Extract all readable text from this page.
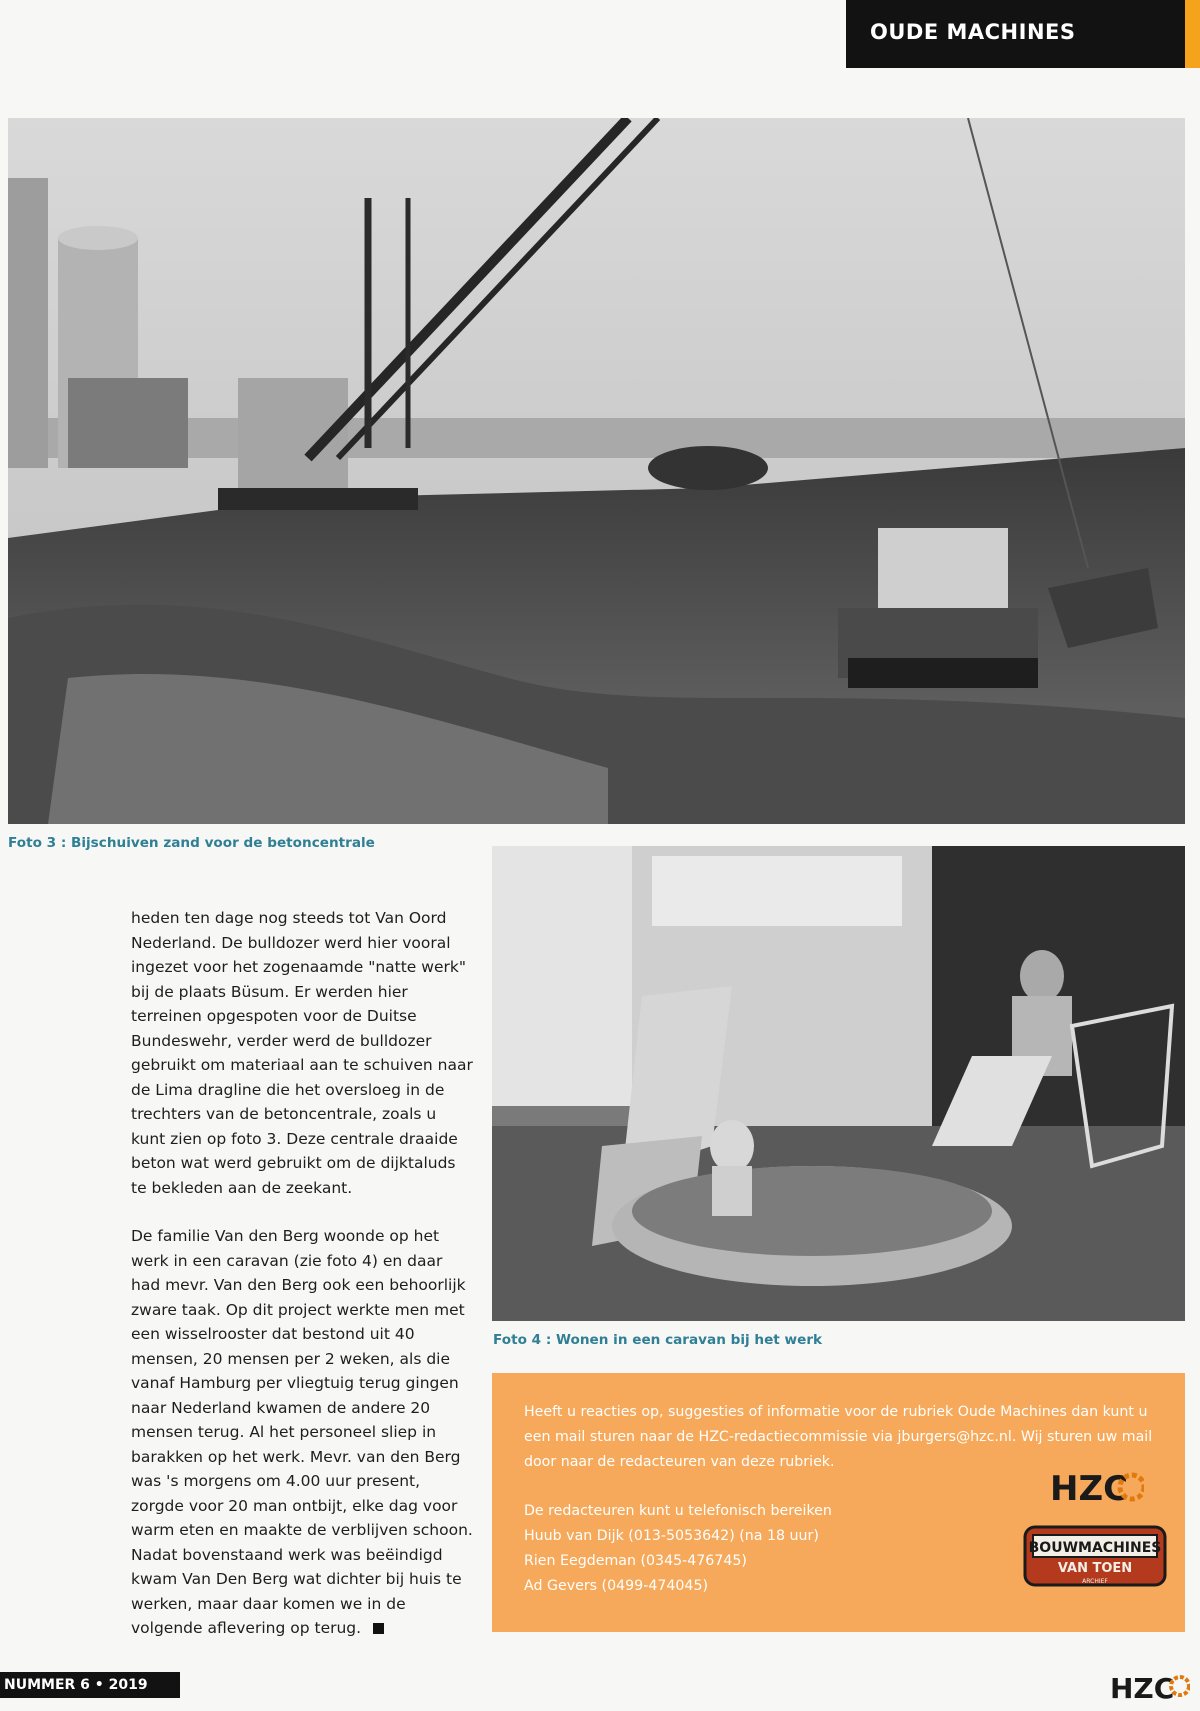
OUDE MACHINES
Foto 3 : Bijschuiven zand voor de betoncentrale
Foto 4 : Wonen in een caravan bij het werk

heden ten dage nog steeds tot Van Oord Nederland. De bulldozer werd hier vooral ingezet voor het zogenaamde "natte werk" bij de plaats Büsum. Er werden hier terreinen opgespoten voor de Duitse Bundeswehr, verder werd de bulldozer gebruikt om materiaal aan te schuiven naar de Lima dragline die het oversloeg in de trechters van de betoncentrale, zoals u kunt zien op foto 3. Deze centrale draaide beton wat werd gebruikt om de dijktaluds te bekleden aan de zeekant.

De familie Van den Berg woonde op het werk in een caravan (zie foto 4) en daar had mevr. Van den Berg ook een behoorlijk zware taak. Op dit project werkte men met een wisselrooster dat bestond uit 40 mensen, 20 mensen per 2 weken, als die vanaf Hamburg per vliegtuig terug gingen naar Nederland kwamen de andere 20 mensen terug. Al het personeel sliep in barakken op het werk. Mevr. van den Berg was 's morgens om 4.00 uur present, zorgde voor 20 man ontbijt, elke dag voor warm eten en maakte de verblijven schoon. Nadat bovenstaand werk was beëindigd kwam Van Den Berg wat dichter bij huis te werken, maar daar komen we in de volgende aflevering op terug.

Heeft u reacties op, suggesties of informatie voor de rubriek Oude Machines dan kunt u een mail sturen naar de HZC-redactiecommissie via jburgers@hzc.nl. Wij sturen uw mail door naar de redacteuren van deze rubriek.
De redacteuren kunt u telefonisch bereiken
Huub van Dijk (013-5053642) (na 18 uur)
Rien Eegdeman (0345-476745)
Ad Gevers (0499-474045)
HZC
BOUWMACHINES
VAN TOEN
ARCHIEF
NUMMER 6 • 2019	HZC
